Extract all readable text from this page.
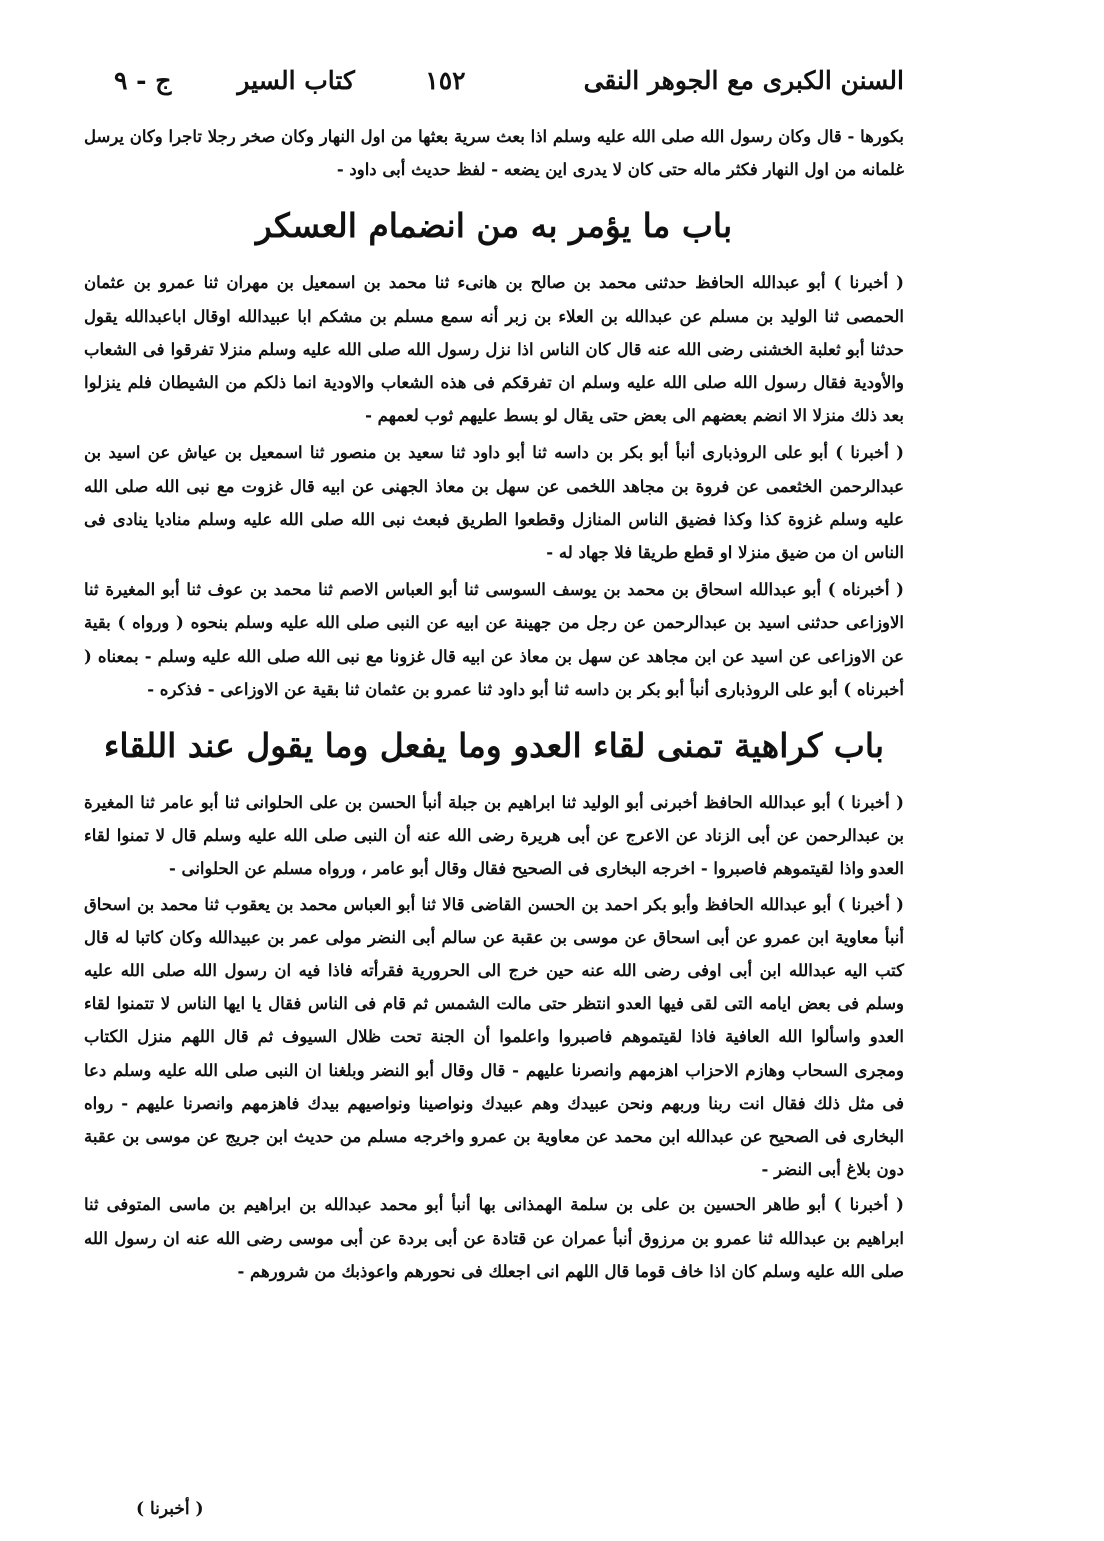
السنن الكبرى مع الجوهر النقى
١٥٢
كتاب السير
ج - ٩

بكورها - قال وكان رسول الله صلى الله عليه وسلم اذا بعث سرية بعثها من اول النهار وكان صخر رجلا تاجرا وكان يرسل غلمانه من اول النهار فكثر ماله حتى كان لا يدرى اين يضعه - لفظ حديث أبى داود -

باب ما يؤمر به من انضمام العسكر

( أخبرنا ) أبو عبدالله الحافظ حدثنى محمد بن صالح بن هانىء ثنا محمد بن اسمعيل بن مهران ثنا عمرو بن عثمان الحمصى ثنا الوليد بن مسلم عن عبدالله بن العلاء بن زبر أنه سمع مسلم بن مشكم ابا عبيدالله اوقال اباعبدالله يقول حدثنا أبو ثعلبة الخشنى رضى الله عنه قال كان الناس اذا نزل رسول الله صلى الله عليه وسلم منزلا تفرقوا فى الشعاب والأودية فقال رسول الله صلى الله عليه وسلم ان تفرقكم فى هذه الشعاب والاودية انما ذلكم من الشيطان فلم ينزلوا بعد ذلك منزلا الا انضم بعضهم الى بعض حتى يقال لو بسط عليهم ثوب لعمهم -

( أخبرنا ) أبو على الروذبارى أنبأ أبو بكر بن داسه ثنا أبو داود ثنا سعيد بن منصور ثنا اسمعيل بن عياش عن اسيد بن عبدالرحمن الخثعمى عن فروة بن مجاهد اللخمى عن سهل بن معاذ الجهنى عن ابيه قال غزوت مع نبى الله صلى الله عليه وسلم غزوة كذا وكذا فضيق الناس المنازل وقطعوا الطريق فبعث نبى الله صلى الله عليه وسلم مناديا ينادى فى الناس ان من ضيق منزلا او قطع طريقا فلا جهاد له -

( أخبرناه ) أبو عبدالله اسحاق بن محمد بن يوسف السوسى ثنا أبو العباس الاصم ثنا محمد بن عوف ثنا أبو المغيرة ثنا الاوزاعى حدثنى اسيد بن عبدالرحمن عن رجل من جهينة عن ابيه عن النبى صلى الله عليه وسلم بنحوه ( ورواه ) بقية عن الاوزاعى عن اسيد عن ابن مجاهد عن سهل بن معاذ عن ابيه قال غزونا مع نبى الله صلى الله عليه وسلم - بمعناه ( أخبرناه ) أبو على الروذبارى أنبأ أبو بكر بن داسه ثنا أبو داود ثنا عمرو بن عثمان ثنا بقية عن الاوزاعى - فذكره -

باب كراهية تمنى لقاء العدو وما يفعل وما يقول عند اللقاء

( أخبرنا ) أبو عبدالله الحافظ أخبرنى أبو الوليد ثنا ابراهيم بن جبلة أنبأ الحسن بن على الحلوانى ثنا أبو عامر ثنا المغيرة بن عبدالرحمن عن أبى الزناد عن الاعرج عن أبى هريرة رضى الله عنه أن النبى صلى الله عليه وسلم قال لا تمنوا لقاء العدو واذا لقيتموهم فاصبروا - اخرجه البخارى فى الصحيح فقال وقال أبو عامر ، ورواه مسلم عن الحلوانى -

( أخبرنا ) أبو عبدالله الحافظ وأبو بكر احمد بن الحسن القاضى قالا ثنا أبو العباس محمد بن يعقوب ثنا محمد بن اسحاق أنبأ معاوية ابن عمرو عن أبى اسحاق عن موسى بن عقبة عن سالم أبى النضر مولى عمر بن عبيدالله وكان كاتبا له قال كتب اليه عبدالله ابن أبى اوفى رضى الله عنه حين خرج الى الحرورية فقرأته فاذا فيه ان رسول الله صلى الله عليه وسلم فى بعض ايامه التى لقى فيها العدو انتظر حتى مالت الشمس ثم قام فى الناس فقال يا ايها الناس لا تتمنوا لقاء العدو واسألوا الله العافية فاذا لقيتموهم فاصبروا واعلموا أن الجنة تحت ظلال السيوف ثم قال اللهم منزل الكتاب ومجرى السحاب وهازم الاحزاب اهزمهم وانصرنا عليهم - قال وقال أبو النضر وبلغنا ان النبى صلى الله عليه وسلم دعا فى مثل ذلك فقال انت ربنا وربهم ونحن عبيدك وهم عبيدك ونواصينا ونواصيهم بيدك فاهزمهم وانصرنا عليهم - رواه البخارى فى الصحيح عن عبدالله ابن محمد عن معاوية بن عمرو واخرجه مسلم من حديث ابن جريج عن موسى بن عقبة دون بلاغ أبى النضر -

( أخبرنا ) أبو طاهر الحسين بن على بن سلمة الهمذانى بها أنبأ أبو محمد عبدالله بن ابراهيم بن ماسى المتوفى ثنا ابراهيم بن عبدالله ثنا عمرو بن مرزوق أنبأ عمران عن قتادة عن أبى بردة عن أبى موسى رضى الله عنه ان رسول الله صلى الله عليه وسلم كان اذا خاف قوما قال اللهم انى اجعلك فى نحورهم واعوذبك من شرورهم -

( أخبرنا )
